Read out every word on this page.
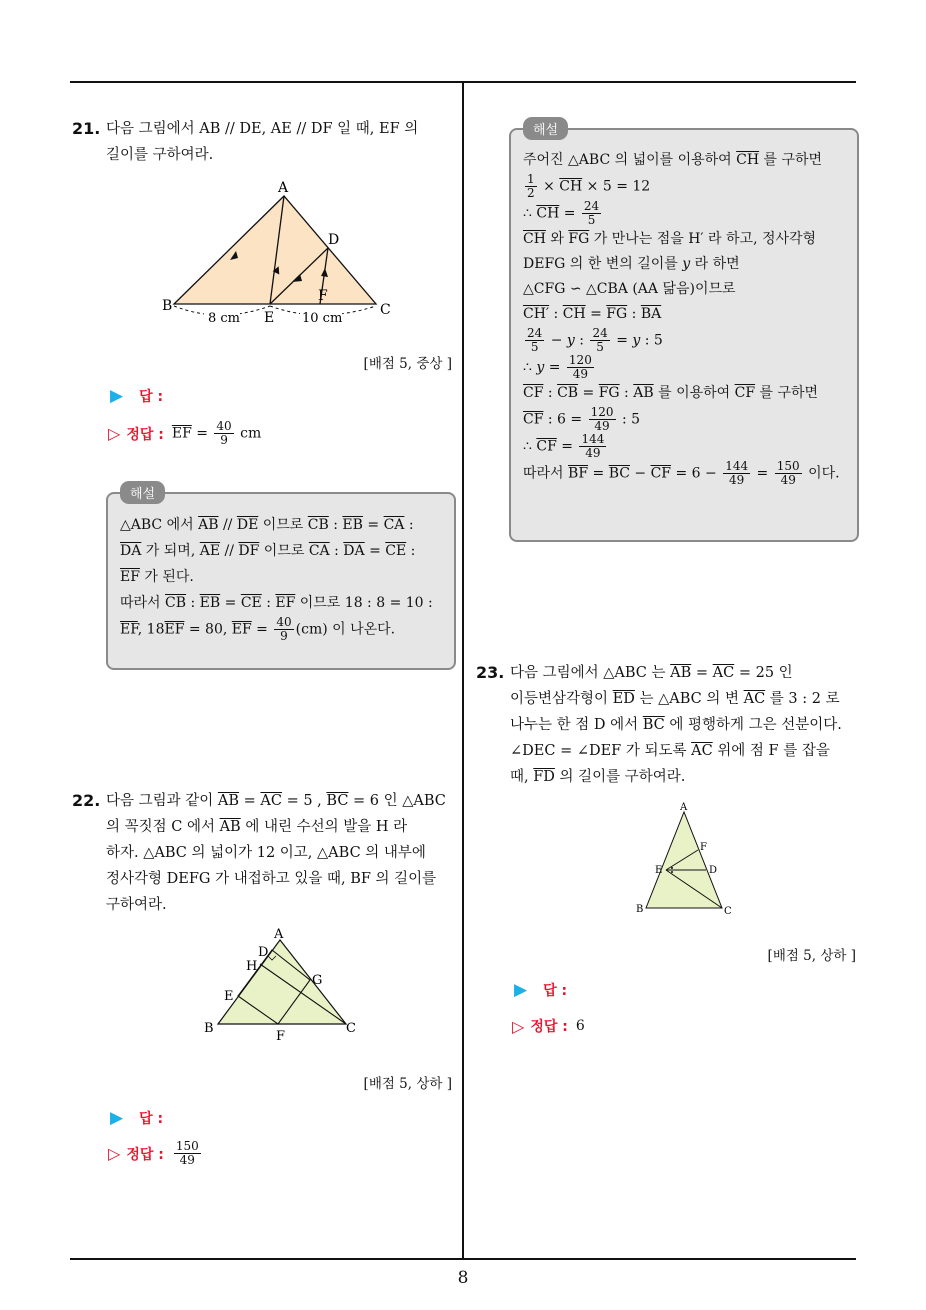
21. 다음 그림에서 AB // DE, AE // DF 일 때, EF 의
길이를 구하여라.
A
B	C
D
E
F
8 cm	10 cm
[배점 5, 중상 ]
▶ 답 :
▷ 정답 : $\overline{EF} = \frac{40}{9}$ cm
해설
△ABC 에서 $\overline{AB} // \overline{DE}$ 이므로 $\overline{CB}$ : $\overline{EB} = \overline{CA}$ :
$\overline{DA}$ 가 되며, $\overline{AE} // \overline{DF}$ 이므로 $\overline{CA}$ : $\overline{DA} = \overline{CE}$ :
$\overline{EF}$ 가 된다.
따라서 $\overline{CB}$ : $\overline{EB} = \overline{CE}$ : $\overline{EF}$ 이므로 18 : 8 = 10 :
$\overline{EF}$, $18\overline{EF} = 80$, $\overline{EF} = \frac{40}{9} (cm)$ 이 나온다.
22. 다음 그림과 같이 $\overline{AB} = \overline{AC} = 5$ , $\overline{BC} = 6$ 인 △ABC
의 꼭짓점 C 에서 $\overline{AB}$ 에 내린 수선의 발을 H 라
하자. △ABC 의 넓이가 12 이고, △ABC 의 내부에
정사각형 DEFG 가 내접하고 있을 때, BF 의 길이를
구하여라.
A
B	C
D
E
F
G
H
[배점 5, 상하 ]
▶ 답 :
▷ 정답 : $\frac{150}{49}$
해설
주어진 △ABC 의 넓이를 이용하여 $\overline{CH}$ 를 구하면
$\frac{1}{2} \times \overline{CH} \times 5 = 12$
∴ $\overline{CH} = \frac{24}{5}$
$\overline{CH}$ 와 $\overline{FG}$ 가 만나는 점을 H′ 라 하고, 정사각형
DEFG 의 한 변의 길이를 y 라 하면
△CFG ∽ △CBA (AA 닮음)이므로
CH′ : $\overline{CH} = \overline{FG}$ : $\overline{BA}$
$\frac{24}{5} - y$ : $\frac{24}{5} = y$ : 5
∴ $y = \frac{120}{49}$
$\overline{CF}$ : $\overline{CB} = \overline{FG}$ : $\overline{AB}$ 를 이용하여 $\overline{CF}$ 를 구하면
$\overline{CF}$ : $6 = \frac{120}{49}$ : 5
∴ $\overline{CF} = \frac{144}{49}$
따라서 $\overline{BF} = \overline{BC} - \overline{CF} = 6 - \frac{144}{49} = \frac{150}{49}$ 이다.
23. 다음 그림에서 △ABC 는 $\overline{AB} = \overline{AC} = 25$ 인
이등변삼각형이 $\overline{ED}$ 는 △ABC 의 변 $\overline{AC}$ 를 3 : 2 로
나누는 한 점 D 에서 $\overline{BC}$ 에 평행하게 그은 선분이다.
∠DEC = ∠DEF 가 되도록 $\overline{AC}$ 위에 점 F 를 잡을
때, $\overline{FD}$ 의 길이를 구하여라.
A
B	C
D
E
F
[배점 5, 상하 ]
▶ 답 :
▷ 정답 : 6
8
